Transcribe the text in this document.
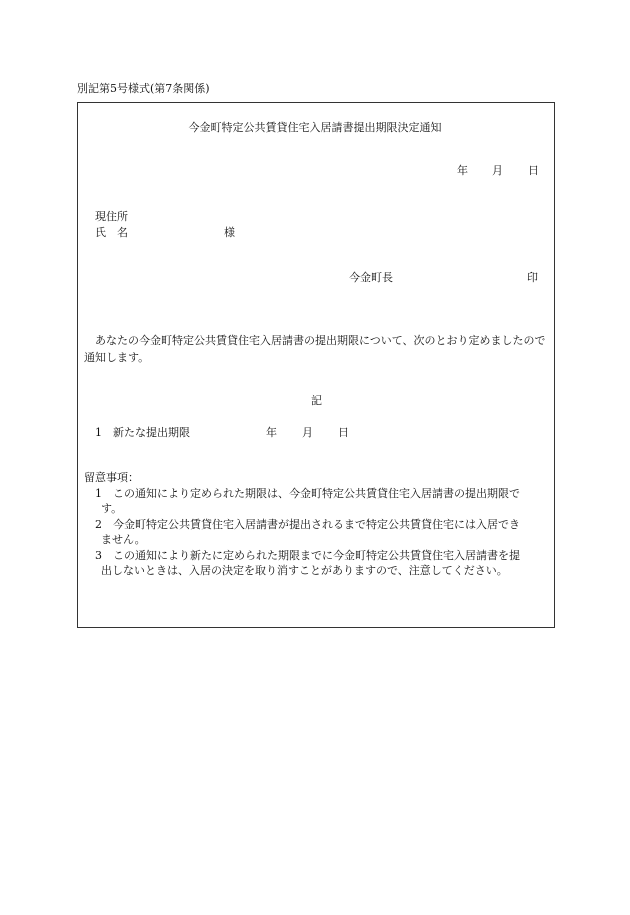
別記第5号様式(第7条関係)
今金町特定公共賃貸住宅入居請書提出期限決定通知
年 月 日
現住所
氏　名	様
今金町長	印
　あなたの今金町特定公共賃貸住宅入居請書の提出期限について、次のとおり定めましたので通知します。
記
1　新たな提出期限	年 月 日
留意事項：
1 この通知により定められた期限は、今金町特定公共賃貸住宅入居請書の提出期限で
す。
2 今金町特定公共賃貸住宅入居請書が提出されるまで特定公共賃貸住宅には入居でき
ません。
3 この通知により新たに定められた期限までに今金町特定公共賃貸住宅入居請書を提
出しないときは、入居の決定を取り消すことがありますので、注意してください。
